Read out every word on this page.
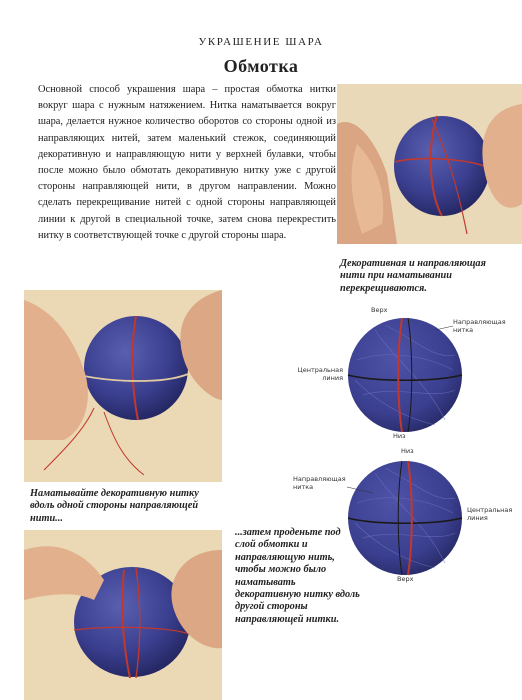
УКРАШЕНИЕ ШАРА
Обмотка
Основной способ украшения шара – простая обмотка нитки вокруг шара с нужным натяжением. Нитка наматывается вокруг шара, делается нужное количество оборотов со стороны одной из направляющих нитей, затем маленький стежок, соединяющий декоративную и направляющую нити у верхней булавки, чтобы после можно было обмотать декоративную нитку уже с другой стороны направляющей нити, в другом направлении. Можно сделать перекрещивание нитей с одной стороны направляющей линии к другой в специальной точке, затем снова перекрестить нитку в соответствующей точке с другой стороны шара.
Декоративная и направляющая нити при наматывании перекрещиваются.
Наматывайте декоративную нитку вдоль одной стороны направляющей нити...
...затем проденьте под слой обмотки и направляющую нить, чтобы можно было наматывать декоративную нитку вдоль другой стороны направляющей нитки.
Верх
Направляющая нитка
Центральная линия
Низ
Низ
Направляющая нитка
Центральная линия
Верх
